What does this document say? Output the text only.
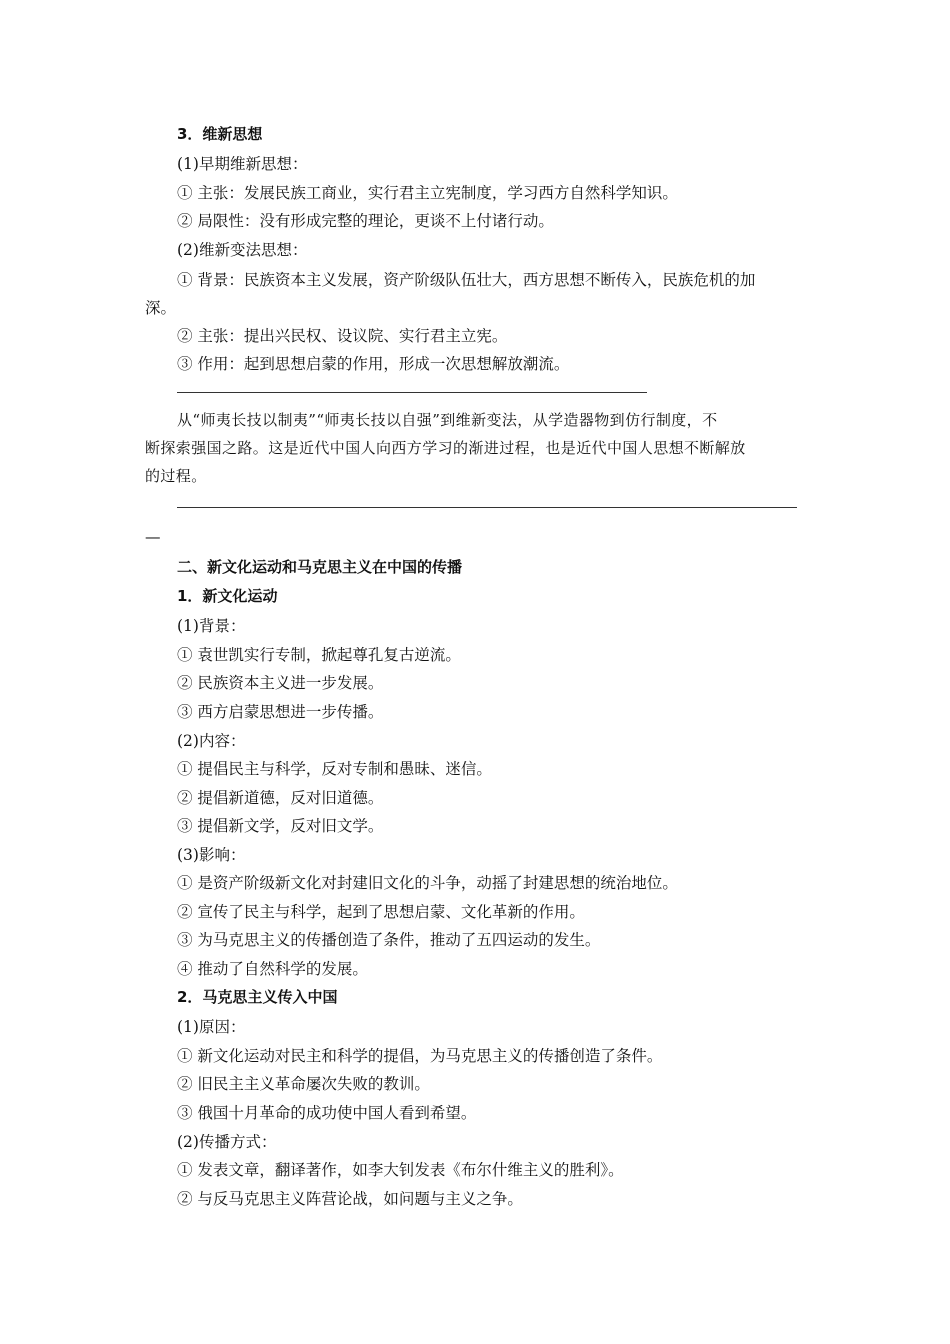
3．维新思想
(1)早期维新思想：
① 主张：发展民族工商业，实行君主立宪制度，学习西方自然科学知识。
② 局限性：没有形成完整的理论，更谈不上付诸行动。
(2)维新变法思想：
① 背景：民族资本主义发展，资产阶级队伍壮大，西方思想不断传入，民族危机的加
深。
② 主张：提出兴民权、设议院、实行君主立宪。
③ 作用：起到思想启蒙的作用，形成一次思想解放潮流。
从“师夷长技以制夷”“师夷长技以自强”到维新变法，从学造器物到仿行制度，不
断探索强国之路。这是近代中国人向西方学习的渐进过程，也是近代中国人思想不断解放
的过程。
—
二、新文化运动和马克思主义在中国的传播
1．新文化运动
(1)背景：
① 袁世凯实行专制，掀起尊孔复古逆流。
② 民族资本主义进一步发展。
③ 西方启蒙思想进一步传播。
(2)内容：
① 提倡民主与科学，反对专制和愚昧、迷信。
② 提倡新道德，反对旧道德。
③ 提倡新文学，反对旧文学。
(3)影响：
① 是资产阶级新文化对封建旧文化的斗争，动摇了封建思想的统治地位。
② 宣传了民主与科学，起到了思想启蒙、文化革新的作用。
③ 为马克思主义的传播创造了条件，推动了五四运动的发生。
④ 推动了自然科学的发展。
2．马克思主义传入中国
(1)原因：
① 新文化运动对民主和科学的提倡，为马克思主义的传播创造了条件。
② 旧民主主义革命屡次失败的教训。
③ 俄国十月革命的成功使中国人看到希望。
(2)传播方式：
① 发表文章，翻译著作，如李大钊发表《布尔什维主义的胜利》。
② 与反马克思主义阵营论战，如问题与主义之争。
